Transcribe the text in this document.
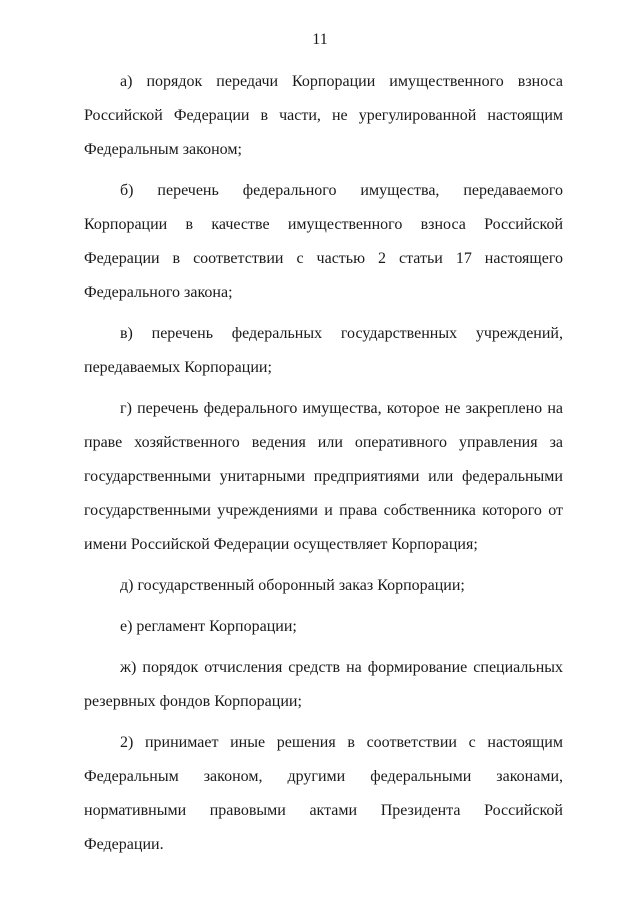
11

а) порядок передачи Корпорации имущественного взноса Российской Федерации в части, не урегулированной настоящим Федеральным законом;

б) перечень федерального имущества, передаваемого Корпорации в качестве имущественного взноса Российской Федерации в соответствии с частью 2 статьи 17 настоящего Федерального закона;

в) перечень федеральных государственных учреждений, передаваемых Корпорации;

г) перечень федерального имущества, которое не закреплено на праве хозяйственного ведения или оперативного управления за государственными унитарными предприятиями или федеральными государственными учреждениями и права собственника которого от имени Российской Федерации осуществляет Корпорация;

д) государственный оборонный заказ Корпорации;

е) регламент Корпорации;

ж) порядок отчисления средств на формирование специальных резервных фондов Корпорации;

2) принимает иные решения в соответствии с настоящим Федеральным законом, другими федеральными законами, нормативными правовыми актами Президента Российской Федерации.
